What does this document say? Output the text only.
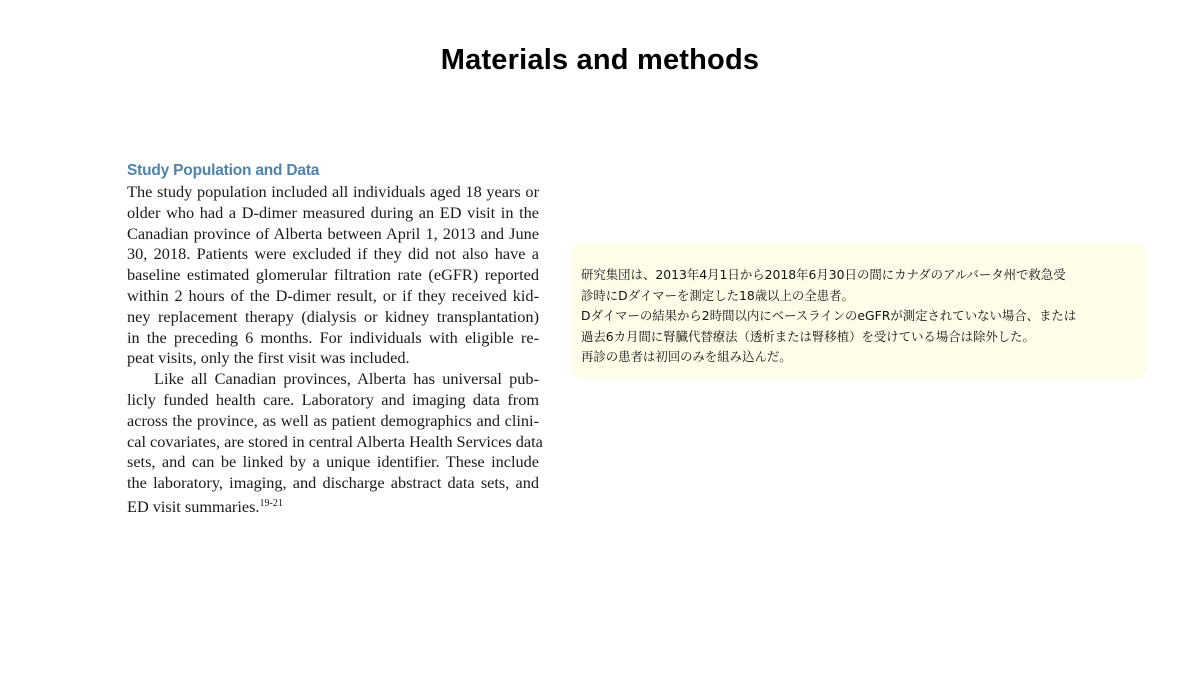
Materials and methods
Study Population and Data

The study population included all individuals aged 18 years or
older who had a D-dimer measured during an ED visit in the
Canadian province of Alberta between April 1, 2013 and June
30, 2018. Patients were excluded if they did not also have a
baseline estimated glomerular filtration rate (eGFR) reported
within 2 hours of the D-dimer result, or if they received kid-
ney replacement therapy (dialysis or kidney transplantation)
in the preceding 6 months. For individuals with eligible re-
peat visits, only the first visit was included.

Like all Canadian provinces, Alberta has universal pub-
licly funded health care. Laboratory and imaging data from
across the province, as well as patient demographics and clini-
cal covariates, are stored in central Alberta Health Services data
sets, and can be linked by a unique identifier. These include
the laboratory, imaging, and discharge abstract data sets, and
ED visit summaries.$^{19-21}$

研究集団は、2013年4月1日から2018年6月30日の間にカナダのアルバータ州で救急受
診時にDダイマーを測定した18歳以上の全患者。
Dダイマーの結果から2時間以内にベースラインのeGFRが測定されていない場合、または
過去6カ月間に腎臓代替療法（透析または腎移植）を受けている場合は除外した。
再診の患者は初回のみを組み込んだ。
